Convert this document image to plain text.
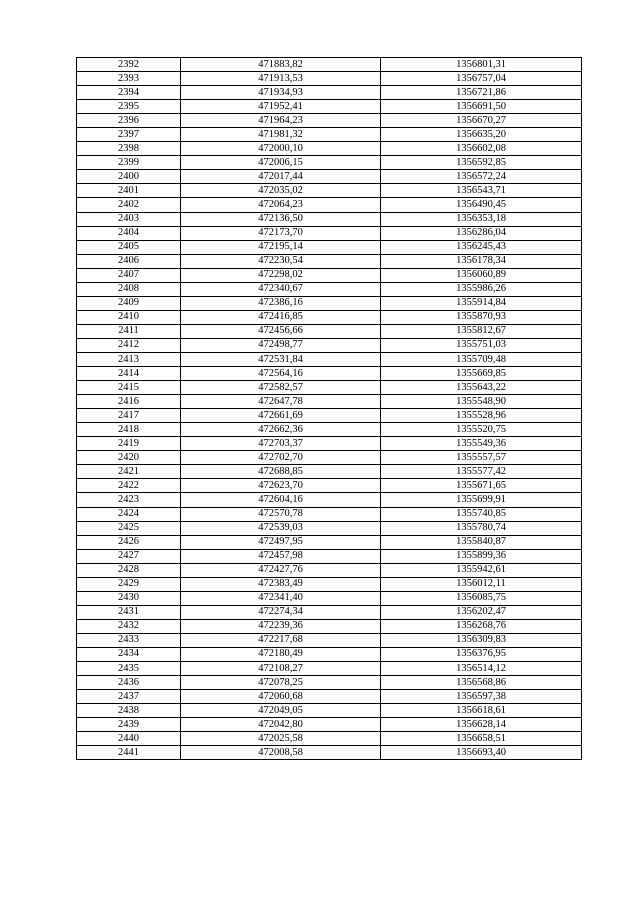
2392	471883,82	1356801,31
2393	471913,53	1356757,04
2394	471934,93	1356721,86
2395	471952,41	1356691,50
2396	471964,23	1356670,27
2397	471981,32	1356635,20
2398	472000,10	1356602,08
2399	472006,15	1356592,85
2400	472017,44	1356572,24
2401	472035,02	1356543,71
2402	472064,23	1356490,45
2403	472136,50	1356353,18
2404	472173,70	1356286,04
2405	472195,14	1356245,43
2406	472230,54	1356178,34
2407	472298,02	1356060,89
2408	472340,67	1355986,26
2409	472386,16	1355914,84
2410	472416,85	1355870,93
2411	472456,66	1355812,67
2412	472498,77	1355751,03
2413	472531,84	1355709,48
2414	472564,16	1355669,85
2415	472582,57	1355643,22
2416	472647,78	1355548,90
2417	472661,69	1355528,96
2418	472662,36	1355520,75
2419	472703,37	1355549,36
2420	472702,70	1355557,57
2421	472688,85	1355577,42
2422	472623,70	1355671,65
2423	472604,16	1355699,91
2424	472570,78	1355740,85
2425	472539,03	1355780,74
2426	472497,95	1355840,87
2427	472457,98	1355899,36
2428	472427,76	1355942,61
2429	472383,49	1356012,11
2430	472341,40	1356085,75
2431	472274,34	1356202,47
2432	472239,36	1356268,76
2433	472217,68	1356309,83
2434	472180,49	1356376,95
2435	472108,27	1356514,12
2436	472078,25	1356568,86
2437	472060,68	1356597,38
2438	472049,05	1356618,61
2439	472042,80	1356628,14
2440	472025,58	1356658,51
2441	472008,58	1356693,40
